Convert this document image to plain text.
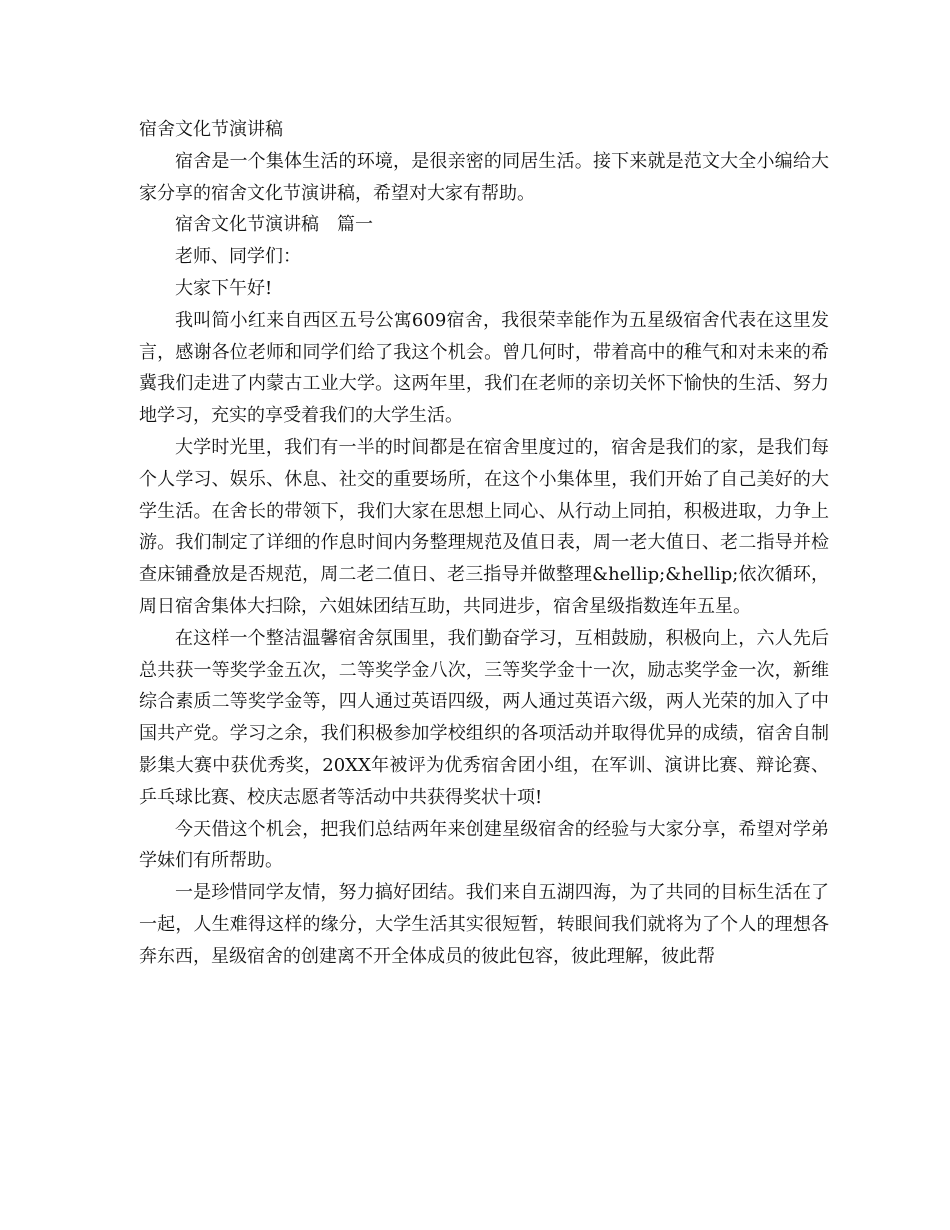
宿舍文化节演讲稿

宿舍是一个集体生活的环境，是很亲密的同居生活。接下来就是范文大全小编给大家分享的宿舍文化节演讲稿，希望对大家有帮助。

宿舍文化节演讲稿　篇一

老师、同学们：

大家下午好!

我叫简小红来自西区五号公寓609宿舍，我很荣幸能作为五星级宿舍代表在这里发言，感谢各位老师和同学们给了我这个机会。曾几何时，带着高中的稚气和对未来的希冀我们走进了内蒙古工业大学。这两年里，我们在老师的亲切关怀下愉快的生活、努力地学习，充实的享受着我们的大学生活。

大学时光里，我们有一半的时间都是在宿舍里度过的，宿舍是我们的家，是我们每个人学习、娱乐、休息、社交的重要场所，在这个小集体里，我们开始了自己美好的大学生活。在舍长的带领下，我们大家在思想上同心、从行动上同拍，积极进取，力争上游。我们制定了详细的作息时间内务整理规范及值日表，周一老大值日、老二指导并检查床铺叠放是否规范，周二老二值日、老三指导并做整理&hellip;&hellip;依次循环，周日宿舍集体大扫除，六姐妹团结互助，共同进步，宿舍星级指数连年五星。

在这样一个整洁温馨宿舍氛围里，我们勤奋学习，互相鼓励，积极向上，六人先后总共获一等奖学金五次，二等奖学金八次，三等奖学金十一次，励志奖学金一次，新维综合素质二等奖学金等，四人通过英语四级，两人通过英语六级，两人光荣的加入了中国共产党。学习之余，我们积极参加学校组织的各项活动并取得优异的成绩，宿舍自制影集大赛中获优秀奖，20XX年被评为优秀宿舍团小组，在军训、演讲比赛、辩论赛、乒乓球比赛、校庆志愿者等活动中共获得奖状十项!

今天借这个机会，把我们总结两年来创建星级宿舍的经验与大家分享，希望对学弟学妹们有所帮助。

一是珍惜同学友情，努力搞好团结。我们来自五湖四海，为了共同的目标生活在了一起，人生难得这样的缘分，大学生活其实很短暂，转眼间我们就将为了个人的理想各奔东西，星级宿舍的创建离不开全体成员的彼此包容，彼此理解，彼此帮
